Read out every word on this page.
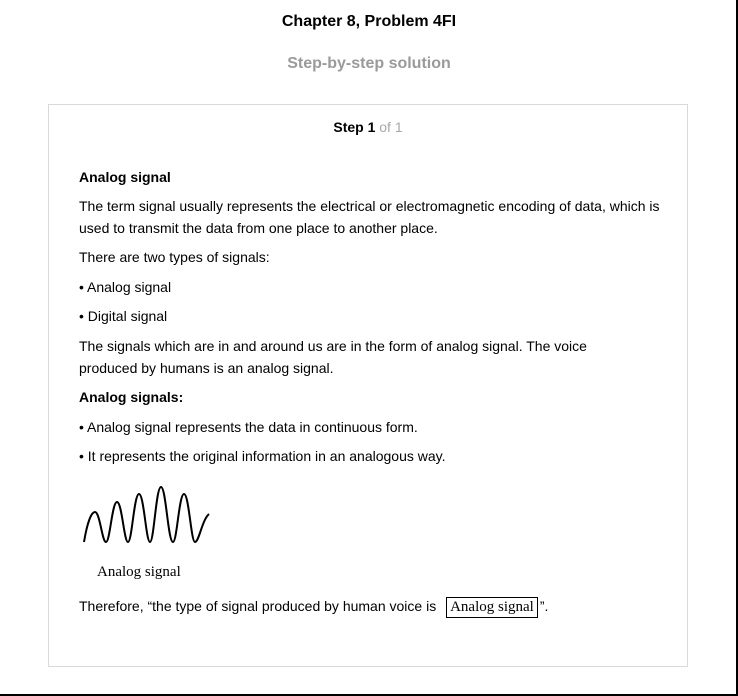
Chapter 8, Problem 4FI
Step-by-step solution
Step 1 of 1

Analog signal

The term signal usually represents the electrical or electromagnetic encoding of data, which is used to transmit the data from one place to another place.

There are two types of signals:

• Analog signal

• Digital signal

The signals which are in and around us are in the form of analog signal. The voice produced by humans is an analog signal.

Analog signals:

• Analog signal represents the data in continuous form.

• It represents the original information in an analogous way.

Analog signal

Therefore, “the type of signal produced by human voice is Analog signal ”.
